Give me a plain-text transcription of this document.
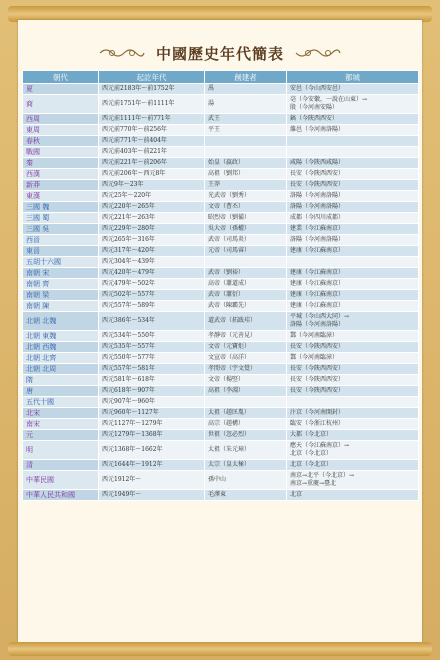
中國歷史年代簡表
朝代	起訖年代	創建者	都城
夏	西元前2183年～前1752年	禹	安邑（今山西安邑）

商	西元前1751年～前1111年	湯	亳（今安徽，一說在山東）→
殷（今河南安陽）

西周	西元前1111年～前771年	武王	鎬（今陝西西安）

東周	西元前770年～前256年	平王	雒邑（今河南洛陽）

春秋	西元前771年～前404年		

戰國	西元前403年～前221年		

秦	西元前221年～前206年	始皇（嬴政）	咸陽（今陝西咸陽）

西漢	西元前206年～西元8年	高祖（劉邦）	長安（今陝西西安）

新莽	西元9年～23年	王莽	長安（今陝西西安）

東漢	西元25年～220年	光武帝（劉秀）	洛陽（今河南洛陽）

三國 魏	西元220年～265年	文帝（曹丕）	洛陽（今河南洛陽）

三國 蜀	西元221年～263年	昭烈帝（劉備）	成都（今四川成都）

三國 吳	西元229年～280年	吳大帝（孫權）	建業（今江蘇南京）

西晉	西元265年～316年	武帝（司馬炎）	洛陽（今河南洛陽）

東晉	西元317年～420年	元帝（司馬睿）	建康（今江蘇南京）

五胡十六國	西元304年～439年		

南朝 宋	西元420年～479年	武帝（劉裕）	建康（今江蘇南京）

南朝 齊	西元479年～502年	高帝（蕭道成）	建康（今江蘇南京）

南朝 梁	西元502年～557年	武帝（蕭衍）	建康（今江蘇南京）

南朝 陳	西元557年～589年	武帝（陳霸先）	建康（今江蘇南京）

北朝 北魏	西元386年～534年	道武帝（拓跋珪）	平城（今山西大同）→
洛陽（今河南洛陽）

北朝 東魏	西元534年～550年	孝靜帝（元善見）	鄴（今河南臨漳）

北朝 西魏	西元535年～557年	文帝（元寶炬）	長安（今陝西西安）

北朝 北齊	西元550年～577年	文宣帝（高洋）	鄴（今河南臨漳）

北朝 北周	西元557年～581年	孝閔帝（宇文覺）	長安（今陝西西安）

隋	西元581年～618年	文帝（楊堅）	長安（今陝西西安）

唐	西元618年～907年	高祖（李淵）	長安（今陝西西安）

五代十國	西元907年～960年		

北宋	西元960年～1127年	太祖（趙匡胤）	汴京（今河南開封）

南宋	西元1127年～1279年	高宗（趙構）	臨安（今浙江杭州）

元	西元1279年～1368年	世祖（忽必烈）	大都（今北京）

明	西元1368年～1662年	太祖（朱元璋）	應天（今江蘇南京）→
北京（今北京）

清	西元1644年～1912年	太宗（皇太極）	北京（今北京）

中華民國	西元1912年～	孫中山	南京→北平（今北京）→
南京→重慶→臺北

中華人民共和國	西元1949年～	毛澤東	北京
